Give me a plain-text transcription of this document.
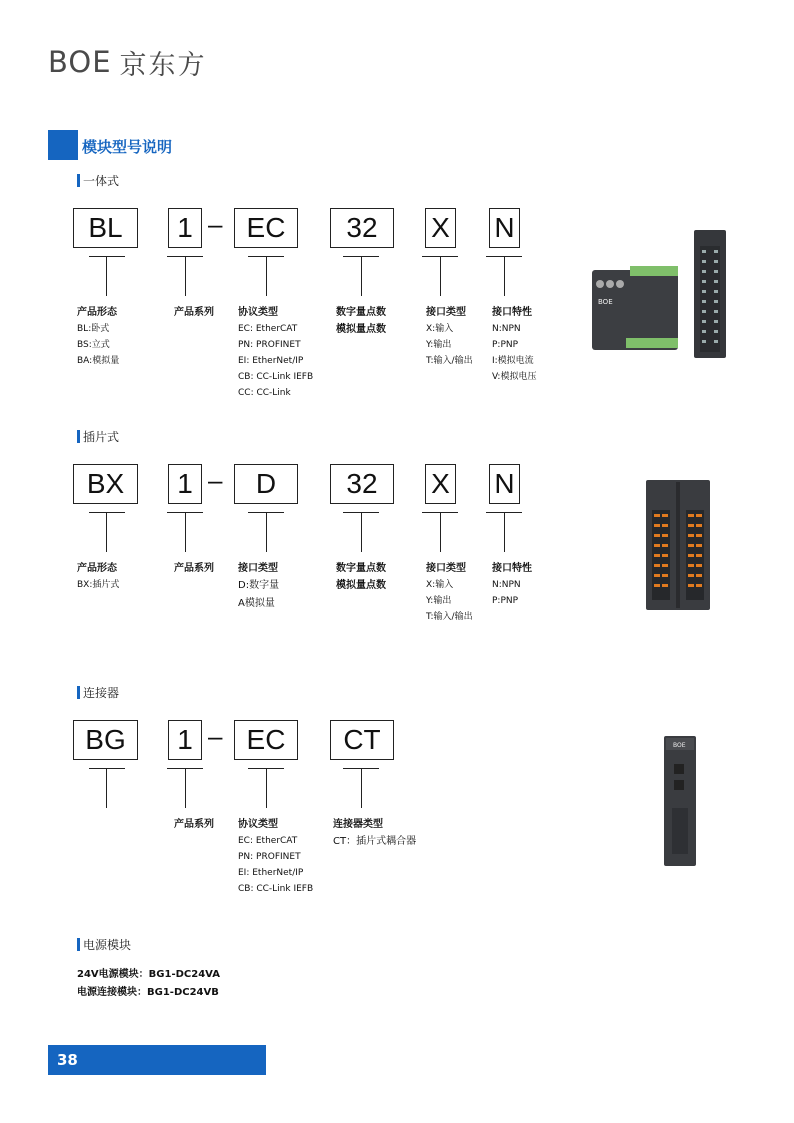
BOE 京东方
模块型号说明
一体式
BL	1 – EC	32	X N
产品形态	产品系列 协议类型	数字量点数
模拟量点数
接口类型	接口特性
BL:卧式
BS:立式
BA:模拟量
EC: EtherCAT
PN: PROFINET
EI: EtherNet/IP
CB: CC-Link IEFB
CC: CC-Link
X:输入
Y:输出
T:输入/输出
N:NPN
P:PNP
I:模拟电流
V:模拟电压
BOE
插片式
BX	1 –	D	32	X N
产品形态	产品系列 接口类型	数字量点数
模拟量点数
接口类型	接口特性
BX:插片式	D:数字量
A模拟量
X:输入
Y:输出
T:输入/输出
N:NPN
P:PNP
连接器
BG	1 – EC	CT
产品系列 协议类型	连接器类型
EC: EtherCAT
PN: PROFINET
EI: EtherNet/IP
CB: CC-Link IEFB
CT：插片式耦合器
BOE
电源模块
24V电源模块：BG1-DC24VA
电源连接模块：BG1-DC24VB
38
